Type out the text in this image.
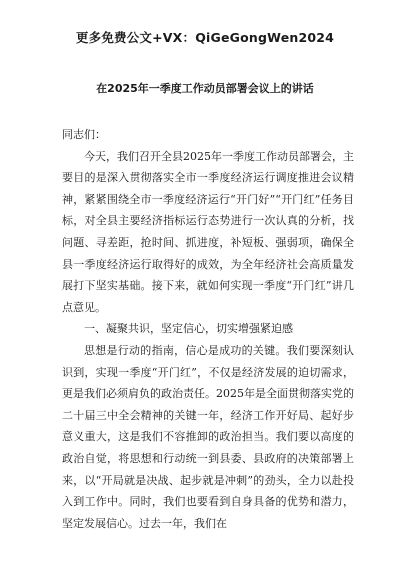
更多免费公文+VX：QiGeGongWen2024
在2025年一季度工作动员部署会议上的讲话

同志们：

今天，我们召开全县2025年一季度工作动员部署会，主要目的是深入贯彻落实全市一季度经济运行调度推进会议精神，紧紧围绕全市一季度经济运行“开门好”“开门红”任务目标，对全县主要经济指标运行态势进行一次认真的分析，找问题、寻差距，抢时间、抓进度，补短板、强弱项，确保全县一季度经济运行取得好的成效，为全年经济社会高质量发展打下坚实基础。接下来，就如何实现一季度“开门红”讲几点意见。

一、凝聚共识，坚定信心，切实增强紧迫感

思想是行动的指南，信心是成功的关键。我们要深刻认识到，实现一季度“开门红”，不仅是经济发展的迫切需求，更是我们必须肩负的政治责任。2025年是全面贯彻落实党的二十届三中全会精神的关键一年，经济工作开好局、起好步意义重大，这是我们不容推卸的政治担当。我们要以高度的政治自觉，将思想和行动统一到县委、县政府的决策部署上来，以“开局就是决战、起步就是冲刺”的劲头，全力以赴投入到工作中。同时，我们也要看到自身具备的优势和潜力，坚定发展信心。过去一年，我们在
